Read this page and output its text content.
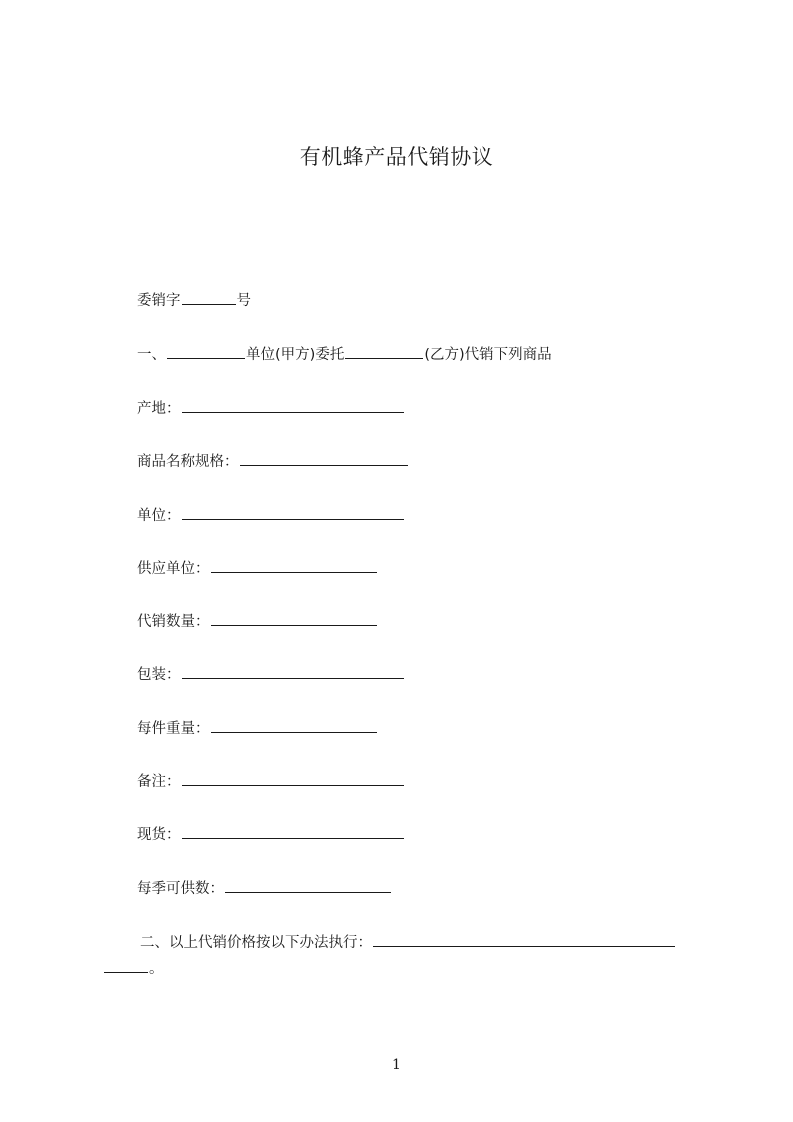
有机蜂产品代销协议
委销字	号
一、	单位(甲方)委托	(乙方)代销下列商品
产地：
商品名称规格：
单位：
供应单位：
代销数量：
包装：
每件重量：
备注：
现货：
每季可供数：
二、以上代销价格按以下办法执行：
。
1
